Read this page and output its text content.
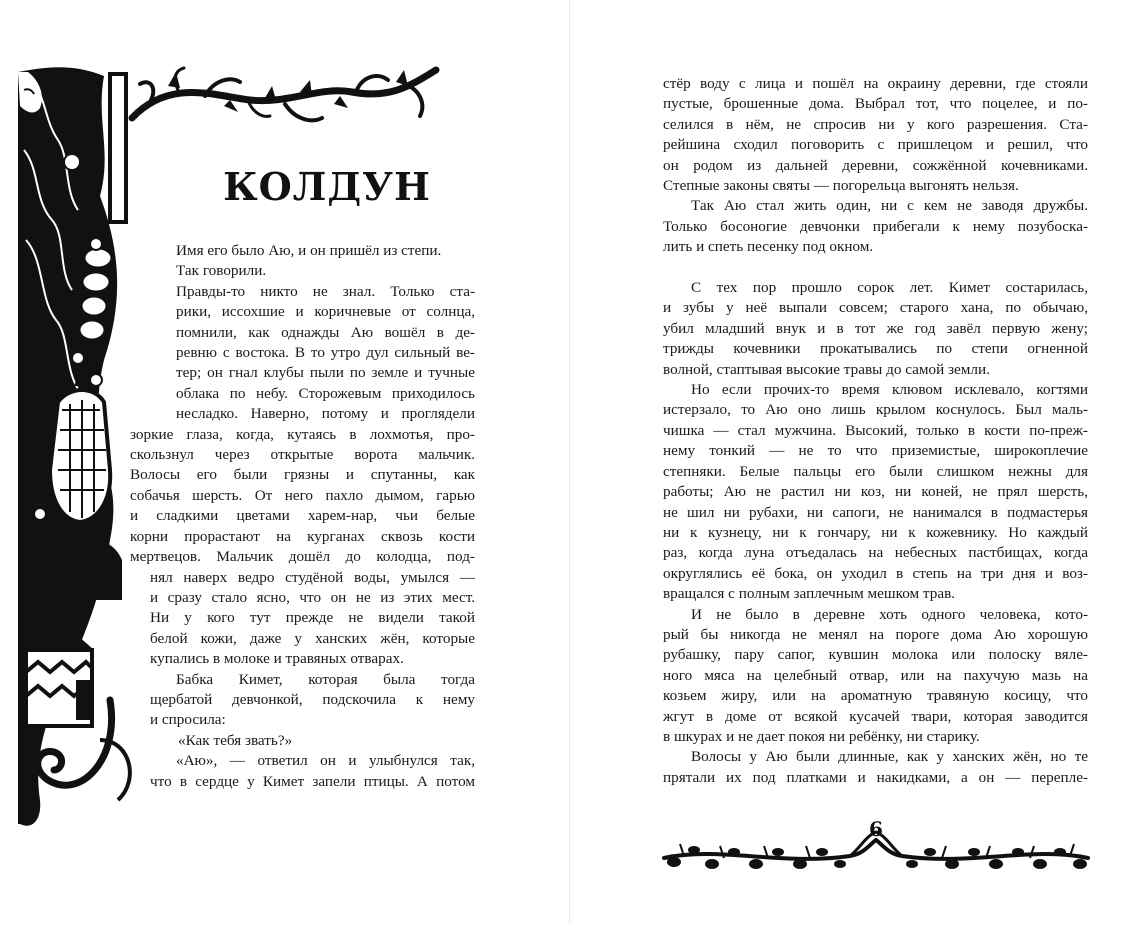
КОЛДУН

Имя его было Аю, и он пришёл из степи.

Так говорили.

Правды-то никто не знал. Только ста-

рики, иссохшие и коричневые от солнца,

помнили, как однажды Аю вошёл в де-

ревню с востока. В то утро дул сильный ве-

тер; он гнал клубы пыли по земле и тучные

облака по небу. Сторожевым приходилось

несладко. Наверно, потому и проглядели

зоркие глаза, когда, кутаясь в лохмотья, про-

скользнул через открытые ворота мальчик.

Волосы его были грязны и спутанны, как

собачья шерсть. От него пахло дымом, гарью

и сладкими цветами харем-нар, чьи белые

корни прорастают на курганах сквозь кости

мертвецов. Мальчик дошёл до колодца, под-

нял наверх ведро студёной воды, умылся —

и сразу стало ясно, что он не из этих мест.

Ни у кого тут прежде не видели такой

белой кожи, даже у ханских жён, которые

купались в молоке и травяных отварах.

Бабка Кимет, которая была тогда

щербатой девчонкой, подскочила к нему

и спросила:

«Как тебя звать?»

«Аю», — ответил он и улыбнулся так,

что в сердце у Кимет запели птицы. А потом

стёр воду с лица и пошёл на окраину деревни, где стояли

пустые, брошенные дома. Выбрал тот, что поцелее, и по-

селился в нём, не спросив ни у кого разрешения. Ста-

рейшина сходил поговорить с пришлецом и решил, что

он родом из дальней деревни, сожжённой кочевниками.

Степные законы святы — погорельца выгонять нельзя.

Так Аю стал жить один, ни с кем не заводя дружбы.

Только босоногие девчонки прибегали к нему позубоска-

лить и спеть песенку под окном.

С тех пор прошло сорок лет. Кимет состарилась,

и зубы у неё выпали совсем; старого хана, по обычаю,

убил младший внук и в тот же год завёл первую жену;

трижды кочевники прокатывались по степи огненной

волной, стаптывая высокие травы до самой земли.

Но если прочих-то время клювом исклевало, когтями

истерзало, то Аю оно лишь крылом коснулось. Был маль-

чишка — стал мужчина. Высокий, только в кости по-преж-

нему тонкий — не то что приземистые, широкоплечие

степняки. Белые пальцы его были слишком нежны для

работы; Аю не растил ни коз, ни коней, не прял шерсть,

не шил ни рубахи, ни сапоги, не нанимался в подмастерья

ни к кузнецу, ни к гончару, ни к кожевнику. Но каждый

раз, когда луна отъедалась на небесных пастбищах, когда

округлялись её бока, он уходил в степь на три дня и воз-

вращался с полным заплечным мешком трав.

И не было в деревне хоть одного человека, кото-

рый бы никогда не менял на пороге дома Аю хорошую

рубашку, пару сапог, кувшин молока или полоску вяле-

ного мяса на целебный отвар, или на пахучую мазь на

козьем жиру, или на ароматную травяную косицу, что

жгут в доме от всякой кусачей твари, которая заводится

в шкурах и не дает покоя ни ребёнку, ни старику.

Волосы у Аю были длинные, как у ханских жён, но те

прятали их под платками и накидками, а он — перепле-

6
